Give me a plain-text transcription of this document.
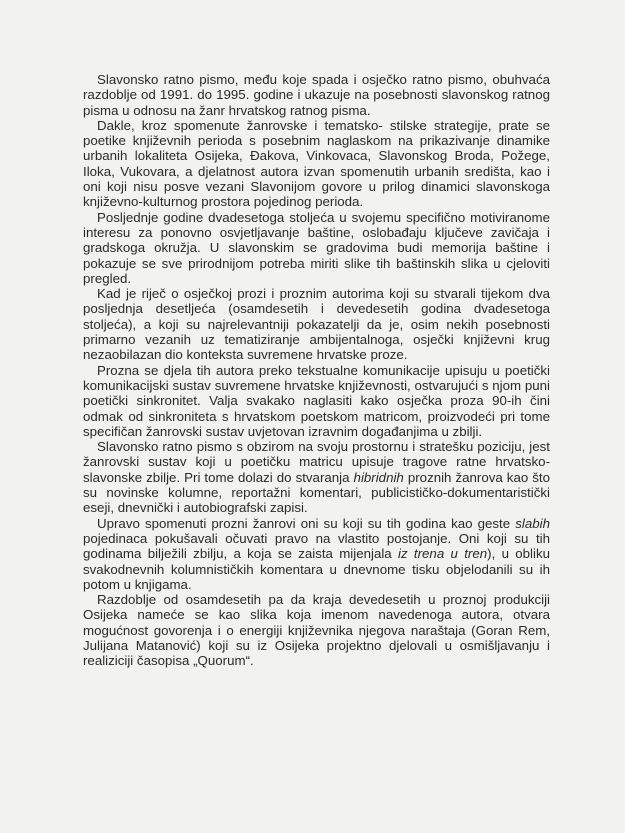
Slavonsko ratno pismo, među koje spada i osječko ratno pismo, obuhvaća razdoblje od 1991. do 1995. godine i ukazuje na posebnosti slavonskog ratnog pisma u odnosu na žanr hrvatskog ratnog pisma.

Dakle, kroz spomenute žanrovske i tematsko- stilske strategije, prate se poetike književnih perioda s posebnim naglaskom na prikazivanje dinamike urbanih lokaliteta Osijeka, Đakova, Vinkovaca, Slavonskog Broda, Požege, Iloka, Vukovara, a djelatnost autora izvan spomenutih urbanih središta, kao i oni koji nisu posve vezani Slavonijom govore u prilog dinamici slavonskoga književno-kulturnog prostora pojedinog perioda.

Posljednje godine dvadesetoga stoljeća u svojemu specifično motiviranome interesu za ponovno osvjetljavanje baštine, oslobađaju ključeve zavičaja i gradskoga okružja. U slavonskim se gradovima budi memorija baštine i pokazuje se sve prirodnijom potreba miriti slike tih baštinskih slika u cjeloviti pregled.

Kad je riječ o osječkoj prozi i proznim autorima koji su stvarali tijekom dva posljednja desetljeća (osamdesetih i devedesetih godina dvadesetoga stoljeća), a koji su najrelevantniji pokazatelji da je, osim nekih posebnosti primarno vezanih uz tematiziranje ambijentalnoga, osječki književni krug nezaobilazan dio konteksta suvremene hrvatske proze.

Prozna se djela tih autora preko tekstualne komunikacije upisuju u poetički komunikacijski sustav suvremene hrvatske književnosti, ostvarujući s njom puni poetički sinkronitet. Valja svakako naglasiti kako osječka proza 90-ih čini odmak od sinkroniteta s hrvatskom poetskom matricom, proizvodeći pri tome specifičan žanrovski sustav uvjetovan izravnim događanjima u zbilji.

Slavonsko ratno pismo s obzirom na svoju prostornu i stratešku poziciju, jest žanrovski sustav koji u poetičku matricu upisuje tragove ratne hrvatsko-slavonske zbilje. Pri tome dolazi do stvaranja hibridnih proznih žanrova kao što su novinske kolumne, reportažni komentari, publicističko-dokumentaristički eseji, dnevnički i autobiografski zapisi.

Upravo spomenuti prozni žanrovi oni su koji su tih godina kao geste slabih pojedinaca pokušavali očuvati pravo na vlastito postojanje. Oni koji su tih godinama bilježili zbilju, a koja se zaista mijenjala iz trena u tren), u obliku svakodnevnih kolumnističkih komentara u dnevnome tisku objelodanili su ih potom u knjigama.

Razdoblje od osamdesetih pa da kraja devedesetih u proznoj produkciji Osijeka nameće se kao slika koja imenom navedenoga autora, otvara mogućnost govorenja i o energiji književnika njegova naraštaja (Goran Rem, Julijana Matanović) koji su iz Osijeka projektno djelovali u osmišljavanju i realiziciji časopisa „Quorum“.
